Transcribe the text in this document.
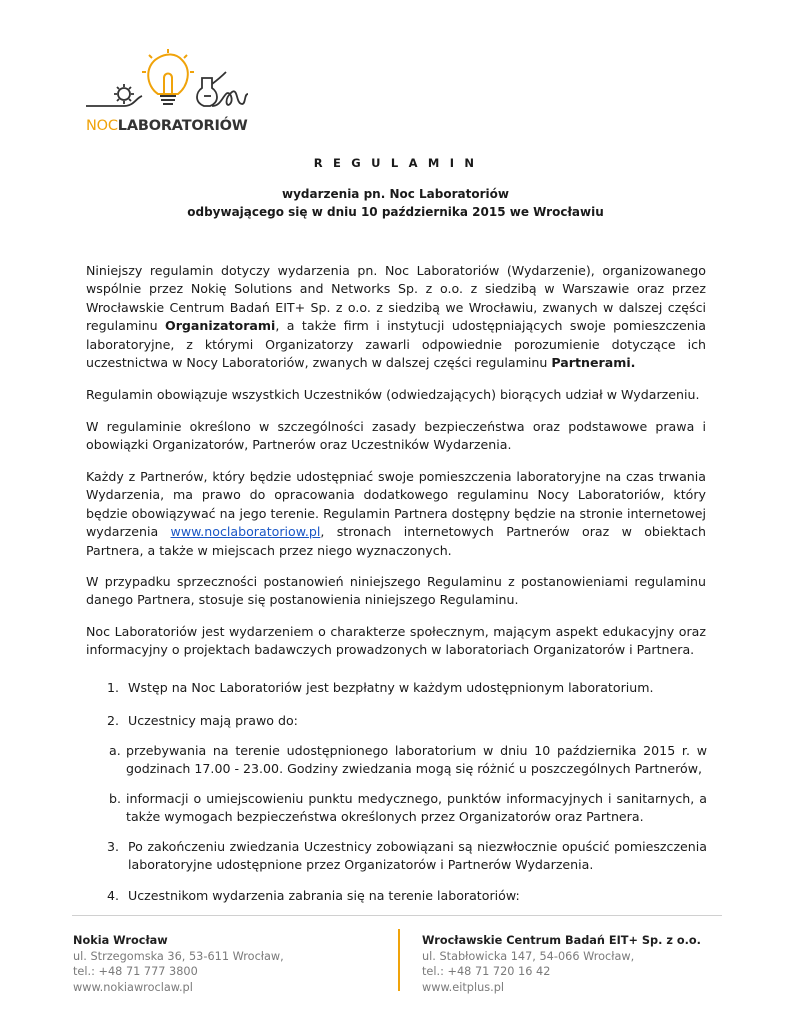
NOCLABORATORIÓW
R E G U L A M I N
wydarzenia pn. Noc Laboratoriów
odbywającego się w dniu 10 października 2015 we Wrocławiu
Niniejszy regulamin dotyczy wydarzenia pn. Noc Laboratoriów (Wydarzenie), organizowanego wspólnie przez Nokię Solutions and Networks Sp. z o.o. z siedzibą w Warszawie oraz przez Wrocławskie Centrum Badań EIT+ Sp. z o.o. z siedzibą we Wrocławiu, zwanych w dalszej części regulaminu Organizatorami, a także firm i instytucji udostępniających swoje pomieszczenia laboratoryjne, z którymi Organizatorzy zawarli odpowiednie porozumienie dotyczące ich uczestnictwa w Nocy Laboratoriów, zwanych w dalszej części regulaminu Partnerami.
Regulamin obowiązuje wszystkich Uczestników (odwiedzających) biorących udział w Wydarzeniu.
W regulaminie określono w szczególności zasady bezpieczeństwa oraz podstawowe prawa i obowiązki Organizatorów, Partnerów oraz Uczestników Wydarzenia.
Każdy z Partnerów, który będzie udostępniać swoje pomieszczenia laboratoryjne na czas trwania Wydarzenia, ma prawo do opracowania dodatkowego regulaminu Nocy Laboratoriów, który będzie obowiązywać na jego terenie. Regulamin Partnera dostępny będzie na stronie internetowej wydarzenia www.noclaboratoriow.pl, stronach internetowych Partnerów oraz w obiektach Partnera, a także w miejscach przez niego wyznaczonych.
W przypadku sprzeczności postanowień niniejszego Regulaminu z postanowieniami regulaminu danego Partnera, stosuje się postanowienia niniejszego Regulaminu.
Noc Laboratoriów jest wydarzeniem o charakterze społecznym, mającym aspekt edukacyjny oraz informacyjny o projektach badawczych prowadzonych w laboratoriach Organizatorów i Partnera.
1. Wstęp na Noc Laboratoriów jest bezpłatny w każdym udostępnionym laboratorium.
2. Uczestnicy mają prawo do:
a. przebywania na terenie udostępnionego laboratorium w dniu 10 października 2015 r. w godzinach 17.00 - 23.00. Godziny zwiedzania mogą się różnić u poszczególnych Partnerów,
b. informacji o umiejscowieniu punktu medycznego, punktów informacyjnych i sanitarnych, a także wymogach bezpieczeństwa określonych przez Organizatorów oraz Partnera.
3. Po zakończeniu zwiedzania Uczestnicy zobowiązani są niezwłocznie opuścić pomieszczenia laboratoryjne udostępnione przez Organizatorów i Partnerów Wydarzenia.
4. Uczestnikom wydarzenia zabrania się na terenie laboratoriów:
Nokia Wrocław
ul. Strzegomska 36, 53-611 Wrocław,
tel.: +48 71 777 3800
www.nokiawroclaw.pl
Wrocławskie Centrum Badań EIT+ Sp. z o.o.
ul. Stabłowicka 147, 54-066 Wrocław,
tel.: +48 71 720 16 42
www.eitplus.pl
